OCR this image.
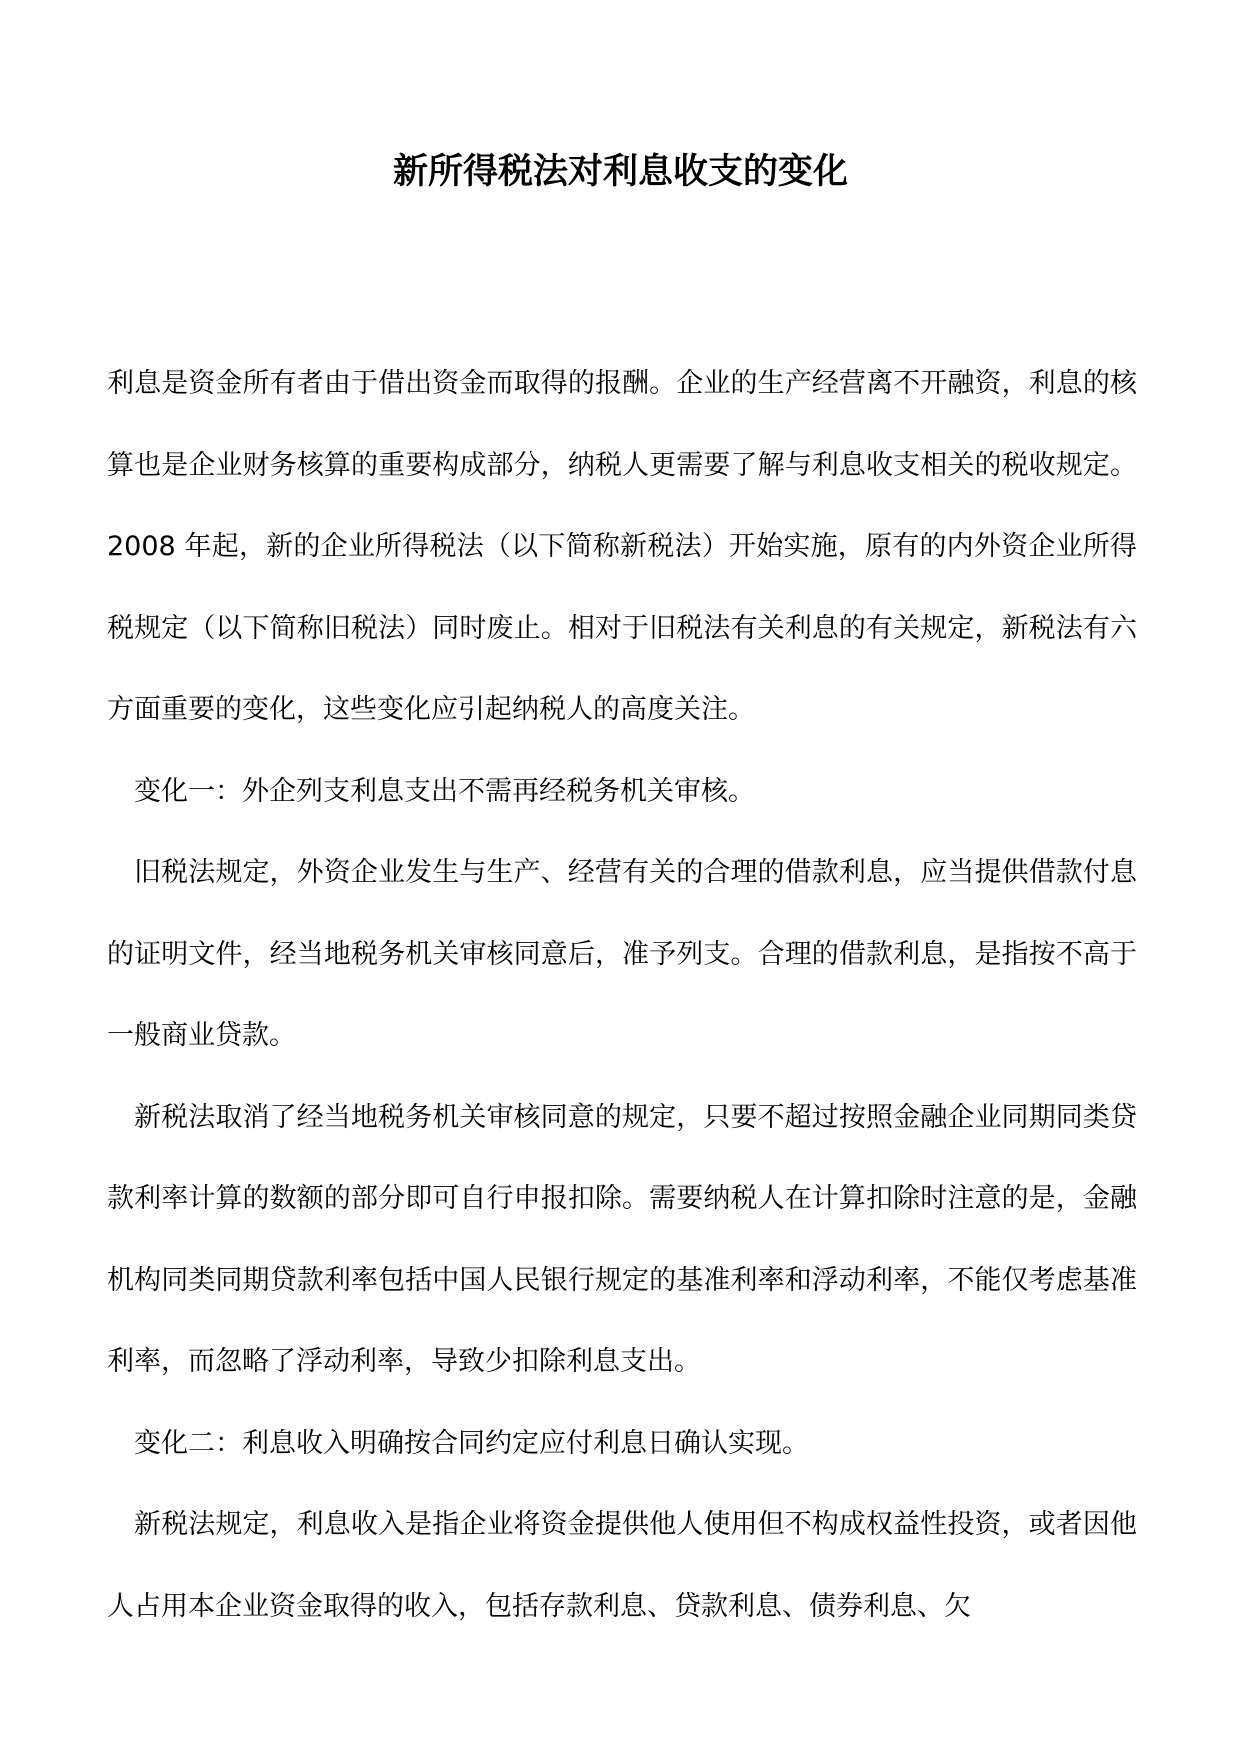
新所得税法对利息收支的变化

利息是资金所有者由于借出资金而取得的报酬。企业的生产经营离不开融资，利息的核算也是企业财务核算的重要构成部分，纳税人更需要了解与利息收支相关的税收规定。2008 年起，新的企业所得税法（以下简称新税法）开始实施，原有的内外资企业所得税规定（以下简称旧税法）同时废止。相对于旧税法有关利息的有关规定，新税法有六方面重要的变化，这些变化应引起纳税人的高度关注。

变化一：外企列支利息支出不需再经税务机关审核。

旧税法规定，外资企业发生与生产、经营有关的合理的借款利息，应当提供借款付息的证明文件，经当地税务机关审核同意后，准予列支。合理的借款利息，是指按不高于一般商业贷款。

新税法取消了经当地税务机关审核同意的规定，只要不超过按照金融企业同期同类贷款利率计算的数额的部分即可自行申报扣除。需要纳税人在计算扣除时注意的是，金融机构同类同期贷款利率包括中国人民银行规定的基准利率和浮动利率，不能仅考虑基准利率，而忽略了浮动利率，导致少扣除利息支出。

变化二：利息收入明确按合同约定应付利息日确认实现。

新税法规定，利息收入是指企业将资金提供他人使用但不构成权益性投资，或者因他人占用本企业资金取得的收入，包括存款利息、贷款利息、债券利息、欠
